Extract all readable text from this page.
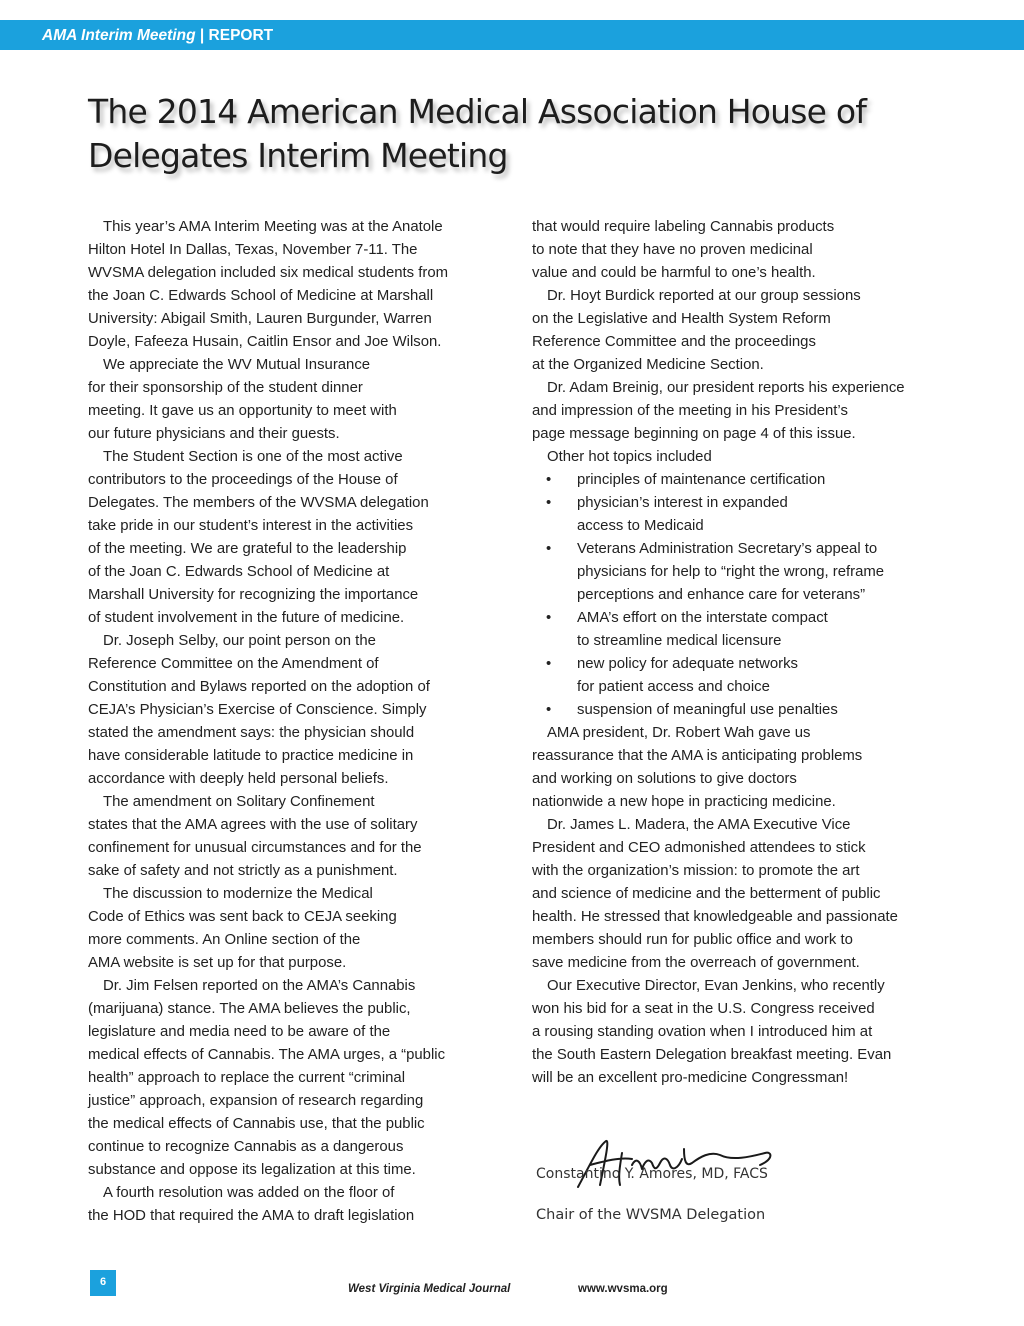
AMA Interim Meeting | REPORT
The 2014 American Medical Association House of Delegates Interim Meeting
This year’s AMA Interim Meeting was at the Anatole
Hilton Hotel In Dallas, Texas, November 7-11. The
WVSMA delegation included six medical students from
the Joan C. Edwards School of Medicine at Marshall
University: Abigail Smith, Lauren Burgunder, Warren
Doyle, Fafeeza Husain, Caitlin Ensor and Joe Wilson.
We appreciate the WV Mutual Insurance
for their sponsorship of the student dinner
meeting. It gave us an opportunity to meet with
our future physicians and their guests.
The Student Section is one of the most active
contributors to the proceedings of the House of
Delegates. The members of the WVSMA delegation
take pride in our student’s interest in the activities
of the meeting. We are grateful to the leadership
of the Joan C. Edwards School of Medicine at
Marshall University for recognizing the importance
of student involvement in the future of medicine.
Dr. Joseph Selby, our point person on the
Reference Committee on the Amendment of
Constitution and Bylaws reported on the adoption of
CEJA’s Physician’s Exercise of Conscience. Simply
stated the amendment says: the physician should
have considerable latitude to practice medicine in
accordance with deeply held personal beliefs.
The amendment on Solitary Confinement
states that the AMA agrees with the use of solitary
confinement for unusual circumstances and for the
sake of safety and not strictly as a punishment.
The discussion to modernize the Medical
Code of Ethics was sent back to CEJA seeking
more comments. An Online section of the
AMA website is set up for that purpose.
Dr. Jim Felsen reported on the AMA’s Cannabis
(marijuana) stance. The AMA believes the public,
legislature and media need to be aware of the
medical effects of Cannabis. The AMA urges, a “public
health” approach to replace the current “criminal
justice” approach, expansion of research regarding
the medical effects of Cannabis use, that the public
continue to recognize Cannabis as a dangerous
substance and oppose its legalization at this time.
A fourth resolution was added on the floor of
the HOD that required the AMA to draft legislation
that would require labeling Cannabis products
to note that they have no proven medicinal
value and could be harmful to one’s health.
Dr. Hoyt Burdick reported at our group sessions
on the Legislative and Health System Reform
Reference Committee and the proceedings
at the Organized Medicine Section.
Dr. Adam Breinig, our president reports his experience
and impression of the meeting in his President’s
page message beginning on page 4 of this issue.
Other hot topics included
• principles of maintenance certification
• physician’s interest in expanded
access to Medicaid
• Veterans Administration Secretary’s appeal to
physicians for help to “right the wrong, reframe
perceptions and enhance care for veterans”
• AMA’s effort on the interstate compact
to streamline medical licensure
• new policy for adequate networks
for patient access and choice
• suspension of meaningful use penalties
AMA president, Dr. Robert Wah gave us
reassurance that the AMA is anticipating problems
and working on solutions to give doctors
nationwide a new hope in practicing medicine.
Dr. James L. Madera, the AMA Executive Vice
President and CEO admonished attendees to stick
with the organization’s mission: to promote the art
and science of medicine and the betterment of public
health. He stressed that knowledgeable and passionate
members should run for public office and work to
save medicine from the overreach of government.
Our Executive Director, Evan Jenkins, who recently
won his bid for a seat in the U.S. Congress received
a rousing standing ovation when I introduced him at
the South Eastern Delegation breakfast meeting. Evan
will be an excellent pro-medicine Congressman!
Constantino Y. Amores, MD, FACS
Chair of the WVSMA Delegation
6
West Virginia Medical Journal	www.wvsma.org
